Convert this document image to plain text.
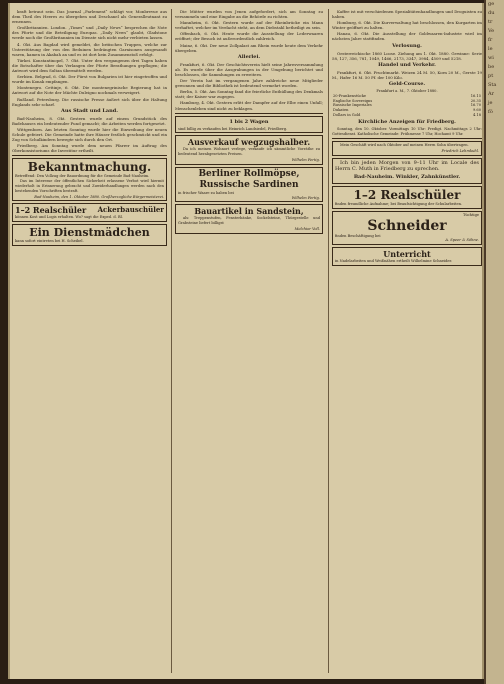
kraft betraut sein. Das Journal „Parlement“ schlägt vor, Monbrevue aus dem Theil des Heeres zu übergeben und Deschanel als Generalleutnant zu ernennen.

Großbritannien. London. „Times“ und „Daily News“ besprechen die Note des Pforte und die Beteiligung Europas. „Daily News“ glaubt, Gladstone werde noch die Großbritannien im Dienste sich nicht mehr verbieten lassen.

4. Okt. Aus Bagdad wird gemeldet, die britischen Truppen, welche zur Unterstützung der von den Beduinen bedrängten Garnisonen ausgesandt waren, kamen in Akabah an und es ist dort kein Zusammenstoß erfolgt.

Türkei. Konstantinopel, 7. Okt. Unter den vergangenen drei Tagen haben die Botschafter über das Verlangen der Pforte Berathungen gepflogen; die Antwort wird dem Sultan übermittelt werden.

Serbien. Belgrad, 6. Okt. Der Fürst von Bulgarien ist hier eingetroffen und wurde im Konak empfangen.

Montenegro. Cettinje, 6. Okt. Die montenegrinische Regierung hat in Antwort auf die Note der Mächte Duleigno nochmals verweigert.

Rußland. Petersburg. Die russische Presse äußert sich über die Haltung Englands sehr scharf.

Aus Stadt und Land.

Bad-Nauheim, 8. Okt. Gestern wurde auf einem Grundstück des Badehauses ein bedeutender Fund gemacht; die Arbeiten werden fortgesetzt.

Wittgenborn. Am letzten Sonntag wurde hier die Einweihung der neuen Schule gefeiert. Die Gemeinde hatte ihre Häuser festlich geschmückt und ein Zug von Schulkindern bewegte sich durch den Ort.

Friedberg. Am Sonntag wurde dem neuen Pfarrer im Auftrag des Oberkonsistoriums die Investitur ertheilt.

Bekanntmachung.

Betreffend: Den Vollzug der Bauordnung für die Gemeinde Bad-Nauheim.

Das im Interesse der öffentlichen Sicherheit erlassene Verbot wird hiermit wiederholt in Erinnerung gebracht und Zuwiderhandlungen werden nach den bestehenden Vorschriften bestraft.

Bad-Nauheim, den 1. Oktober 1880. Großherzogliche Bürgermeisterei.

1–2 Realschüler Ackerbauschüler

können Kost und Logis erhalten. Wo? sagt die Exped. d. Bl.

Ein Dienstmädchen

kann sofort eintreten bei H. Scheibel.

Die Mütter wurden von Jenen aufgefordert, sich am Sonntag zu versammeln und eine Eingabe an die Behörde zu richten.

Mannheim, 6. Okt. Gestern wurde auf der Rheinbrücke ein Mann verhaftet, welcher im Verdacht steht, an dem Diebstahl betheiligt zu sein.

Offenbach, 6. Okt. Heute wurde die Ausstellung der Lederwaaren eröffnet; der Besuch ist außerordentlich zahlreich.

Mainz, 6. Okt. Der neue Zollpalast am Rhein wurde heute dem Verkehr übergeben.

Allerlei.

Frankfurt, 6. Okt. Der Geschichtsverein hielt seine Jahresversammlung ab. Es wurde über die Ausgrabungen in der Umgebung berichtet und beschlossen, die Sammlungen zu erweitern.

Der Verein hat im vergangenen Jahre zahlreiche neue Mitglieder gewonnen und die Bibliothek ist bedeutend vermehrt worden.

Berlin, 5. Okt. Am Sonntag fand die feierliche Enthüllung des Denkmals statt; der Kaiser war zugegen.

Hamburg, 4. Okt. Gestern erlitt der Dampfer auf der Elbe einen Unfall; Menschenleben sind nicht zu beklagen.

1 bis 2 Wagen

sind billig zu verkaufen bei Heinrich Landsiedel, Friedberg.

Ausverkauf wegzugshalber.

Da ich meinen Wohnort verlege, verkaufe ich sämmtliche Vorräthe zu bedeutend herabgesetzten Preisen.

Wilhelm Fertig.

Berliner Rollmöpse,

Russische Sardinen

in frischer Waare zu haben bei

Wilhelm Fertig.

Bauartikel in Sandstein,

als: Treppenstufen, Fensterbänke, Sockelsteine, Thürgestelle und Grabsteine liefert billigst

Melchior Voll.

Kaffee ist mit verschiedenen Spezialitätenhandlungen und Droguisten zu haben.

Homburg, 6. Okt. Die Kurverwaltung hat beschlossen, den Kurgarten im Winter geöffnet zu halten.

Hanau, 6. Okt. Die Ausstellung der Goldwaaren-Industrie wird im nächsten Jahre stattfinden.

Verlosung.

Oesterreichische 1860 Loose. Ziehung am 1. Okt. 1880. Gewinne: Serie 58, 127, 356, 781, 1049, 1466, 2173, 3347, 3984, 4509 und 5218.

Handel und Verkehr.

Frankfurt, 6. Okt. Fruchtmarkt. Weizen 24 M. 50, Korn 20 M., Gerste 19 M., Hafer 16 M. 50 Pf. der 100 Kilo.

Geld-Course.

Frankfurt a. M., 7. Oktober 1880.

20-Frankenstücke	16.15
Englische Sovereigns	20.35
Russische Imperiales	16.70
Dukaten	9.60
Dollars in Gold	4.18

Kirchliche Anzeigen für Friedberg.

Sonntag, den 10. Oktober. Vormittags 10 Uhr: Predigt. Nachmittags 2 Uhr: Gottesdienst. Katholische Gemeinde: Frühmesse 7 Uhr, Hochamt 9 Uhr.

Mein Geschäft wird nach Oktober auf meinen Herrn Sohn übertragen.

Friedrich Lehmkuhl.

Ich bin jeden Morgen von 9–11 Uhr im Locale des Herrn C. Muth in Friedberg zu sprechen.

Bad-Nauheim. Winkler, Zahnkünstler.

1–2 Realschüler

finden freundliche Aufnahme; bei Beaufsichtigung der Schularbeiten.

Tüchtige

Schneider

finden Beschäftigung bei

A. Speer & Söhne.

Unterricht

in Nadelarbeiten und Weißnähen ertheilt Wilhelmine Schneider.

ge
du
tr
Ve
fr
le
wi
be
pt
Sta
Ar
je
fö
